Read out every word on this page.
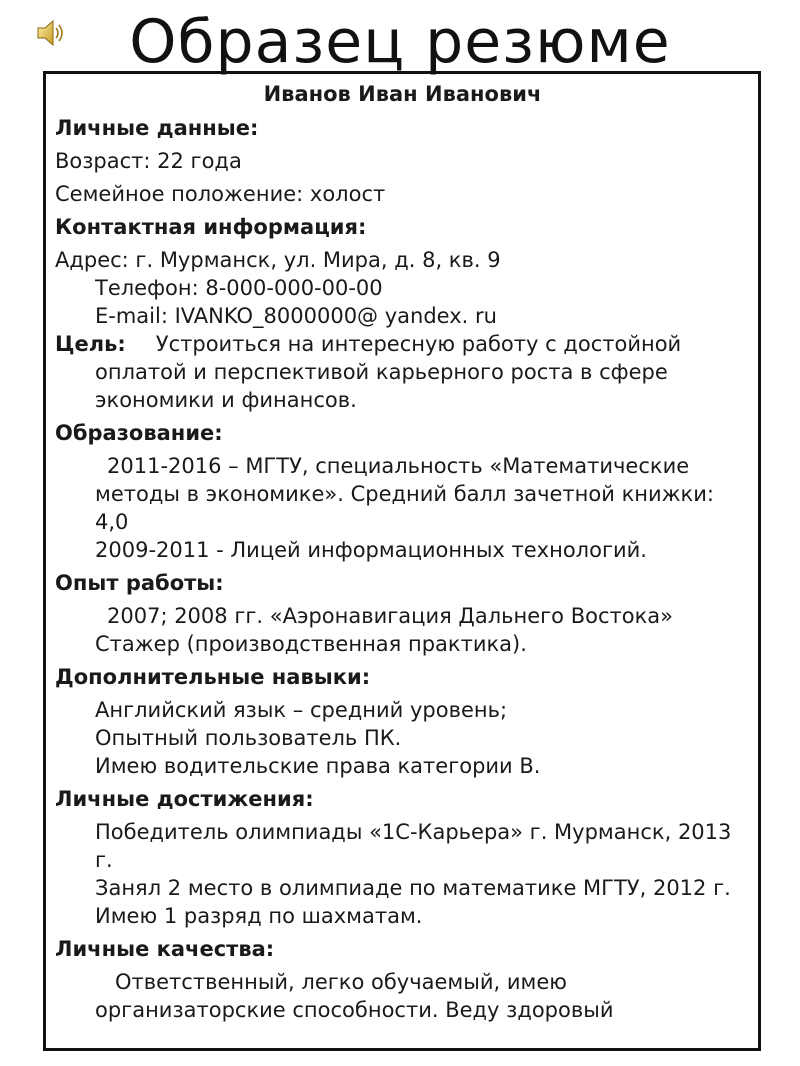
Образец резюме

Иванов Иван Иванович

Личные данные:

Возраст: 22 года

Семейное положение: холост

Контактная информация:

Адрес: г. Мурманск, ул. Мира, д. 8, кв. 9

Телефон: 8-000-000-00-00

E-mail: IVANKO_8000000@ yandex. ru

Цель: Устроиться на интересную работу с достойной оплатой и перспективой карьерного роста в сфере экономики и финансов.

Образование:

2011-2016 – МГТУ, специальность «Математические методы в экономике». Средний балл зачетной книжки: 4,0

2009-2011 - Лицей информационных технологий.

Опыт работы:

2007; 2008 гг. «Аэронавигация Дальнего Востока»

Стажер (производственная практика).

Дополнительные навыки:

Английский язык – средний уровень;

Опытный пользователь ПК.

Имею водительские права категории B.

Личные достижения:

Победитель олимпиады «1С-Карьера» г. Мурманск, 2013 г.

Занял 2 место в олимпиаде по математике МГТУ, 2012 г.

Имею 1 разряд по шахматам.

Личные качества:

Ответственный, легко обучаемый, имею организаторские способности. Веду здоровый
